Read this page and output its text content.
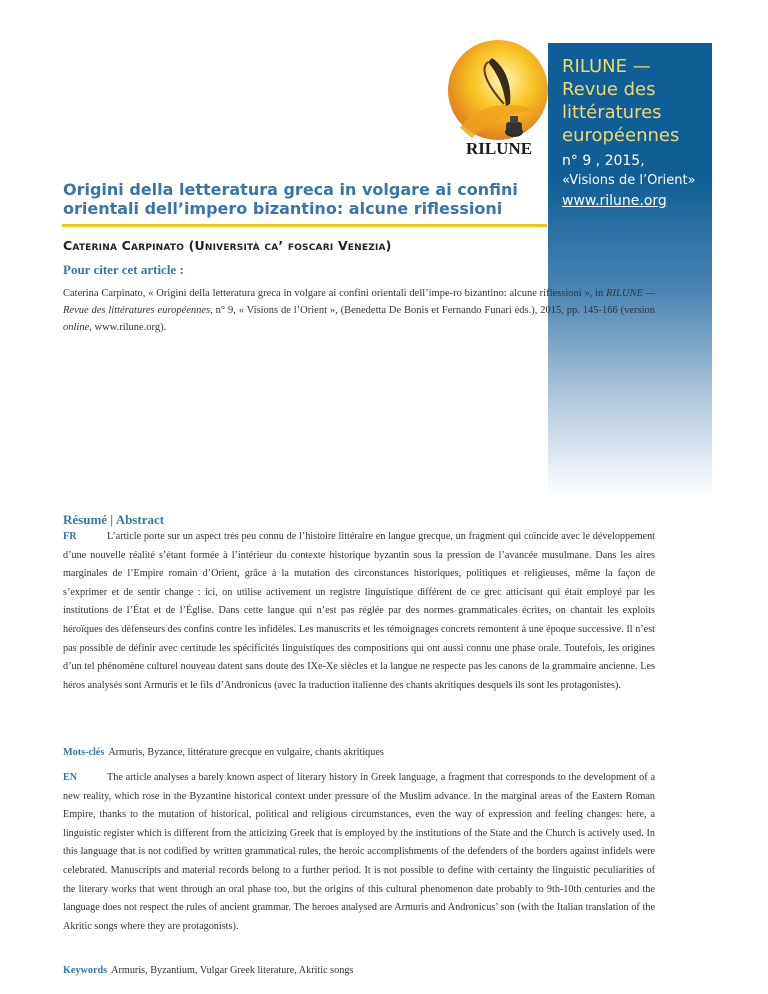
RILUNE
RILUNE — Revue des littératures européennes
n° 9 , 2015,
«Visions de l’Orient»
www.rilune.org
Origini della letteratura greca in volgare ai confini orientali dell’impero bizantino: alcune riflessioni
Caterina Carpinato (Università ca’ foscari Venezia)
Pour citer cet article :
Caterina Carpinato, « Origini della letteratura greca in volgare ai confini orientali dell’impe-ro bizantino: alcune riflessioni », in RILUNE — Revue des littératures européennes, n° 9, « Visions de l’Orient », (Benedetta De Bonis et Fernando Funari éds.), 2015, pp. 145-166 (version online, www.rilune.org).
Résumé | Abstract
FR	L’article porte sur un aspect très peu connu de l’histoire littéraire en langue grecque, un fragment qui coïncide avec le développement d’une nouvelle réalité s’étant formée à l’intérieur du contexte historique byzantin sous la pression de l’avancée musulmane. Dans les aires marginales de l’Empire romain d’Orient, grâce à la mutation des circonstances historiques, politiques et religieuses, même la façon de s’exprimer et de sentir change : ici, on utilise activement un registre linguistique différent de ce grec atticisant qui était employé par les institutions de l’État et de l’Église. Dans cette langue qui n’est pas réglée par des normes grammaticales écrites, on chantait les exploits héroïques des défenseurs des confins contre les infidèles. Les manuscrits et les témoignages concrets remontent à une époque successive. Il n’est pas possible de définir avec certitude les spécificités linguistiques des compositions qui ont aussi connu une phase orale. Toutefois, les origines d’un tel phénomène culturel nouveau datent sans doute des IXe-Xe siècles et la langue ne respecte pas les canons de la grammaire ancienne. Les héros analysés sont Armuris et le fils d’Andronicus (avec la traduction italienne des chants akritiques desquels ils sont les protagonistes).
Mots-clés Armuris, Byzance, littérature grecque en vulgaire, chants akritiques
EN	The article analyses a barely known aspect of literary history in Greek language, a fragment that corresponds to the development of a new reality, which rose in the Byzantine historical context under pressure of the Muslim advance. In the marginal areas of the Eastern Roman Empire, thanks to the mutation of historical, political and religious circumstances, even the way of expression and feeling changes: here, a linguistic register which is different from the atticizing Greek that is employed by the institutions of the State and the Church is actively used. In this language that is not codified by written grammatical rules, the heroic accomplishments of the defenders of the borders against infidels were celebrated. Manuscripts and material records belong to a further period. It is not possible to define with certainty the linguistic peculiarities of the literary works that went through an oral phase too, but the origins of this cultural phenomenon date probably to 9th-10th centuries and the language does not respect the rules of ancient grammar. The heroes analysed are Armuris and Andronicus’ son (with the Italian translation of the Akritic songs where they are protagonists).
Keywords Armuris, Byzantium, Vulgar Greek literature, Akritic songs
